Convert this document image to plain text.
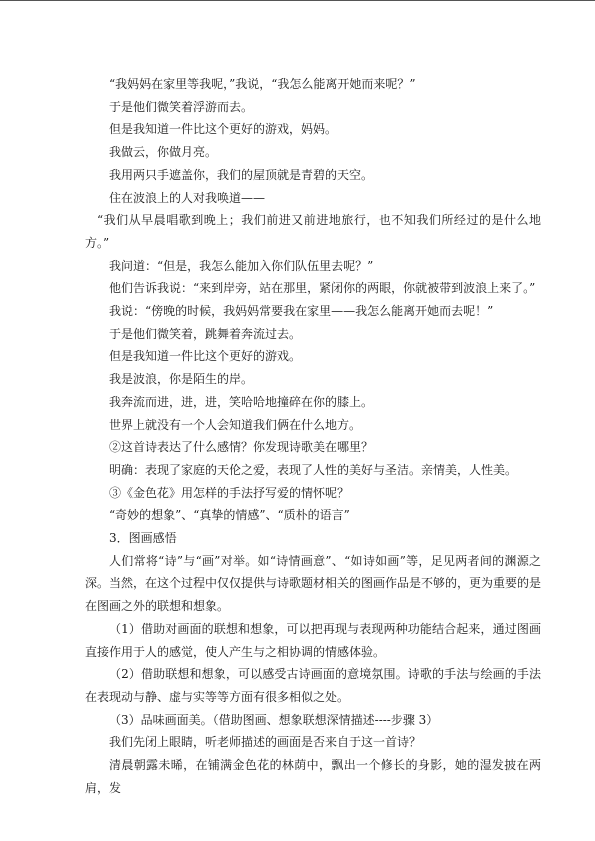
“我妈妈在家里等我呢，”我说，“我怎么能离开她而来呢？”

于是他们微笑着浮游而去。

但是我知道一件比这个更好的游戏，妈妈。

我做云，你做月亮。

我用两只手遮盖你，我们的屋顶就是青碧的天空。

住在波浪上的人对我唤道——

“我们从早晨唱歌到晚上；我们前进又前进地旅行，也不知我们所经过的是什么地方。”

我问道：“但是，我怎么能加入你们队伍里去呢？”

他们告诉我说：“来到岸旁，站在那里，紧闭你的两眼，你就被带到波浪上来了。”

我说：“傍晚的时候，我妈妈常要我在家里——我怎么能离开她而去呢！”

于是他们微笑着，跳舞着奔流过去。

但是我知道一件比这个更好的游戏。

我是波浪，你是陌生的岸。

我奔流而进，进，进，笑哈哈地撞碎在你的膝上。

世界上就没有一个人会知道我们俩在什么地方。

②这首诗表达了什么感情？你发现诗歌美在哪里？

明确：表现了家庭的天伦之爱，表现了人性的美好与圣洁。亲情美，人性美。

③《金色花》用怎样的手法抒写爱的情怀呢？

“奇妙的想象”、“真挚的情感”、“质朴的语言”

3．图画感悟

人们常将“诗”与“画”对举。如“诗情画意”、“如诗如画”等，足见两者间的渊源之深。当然，在这个过程中仅仅提供与诗歌题材相关的图画作品是不够的，更为重要的是在图画之外的联想和想象。

（1）借助对画面的联想和想象，可以把再现与表现两种功能结合起来，通过图画直接作用于人的感觉，使人产生与之相协调的情感体验。

（2）借助联想和想象，可以感受古诗画面的意境氛围。诗歌的手法与绘画的手法在表现动与静、虚与实等等方面有很多相似之处。

（3）品味画面美。（借助图画、想象联想深情描述----步骤 3）

我们先闭上眼睛，听老师描述的画面是否来自于这一首诗？

清晨朝露未晞，在铺满金色花的林荫中，飘出一个修长的身影，她的湿发披在两肩，发
